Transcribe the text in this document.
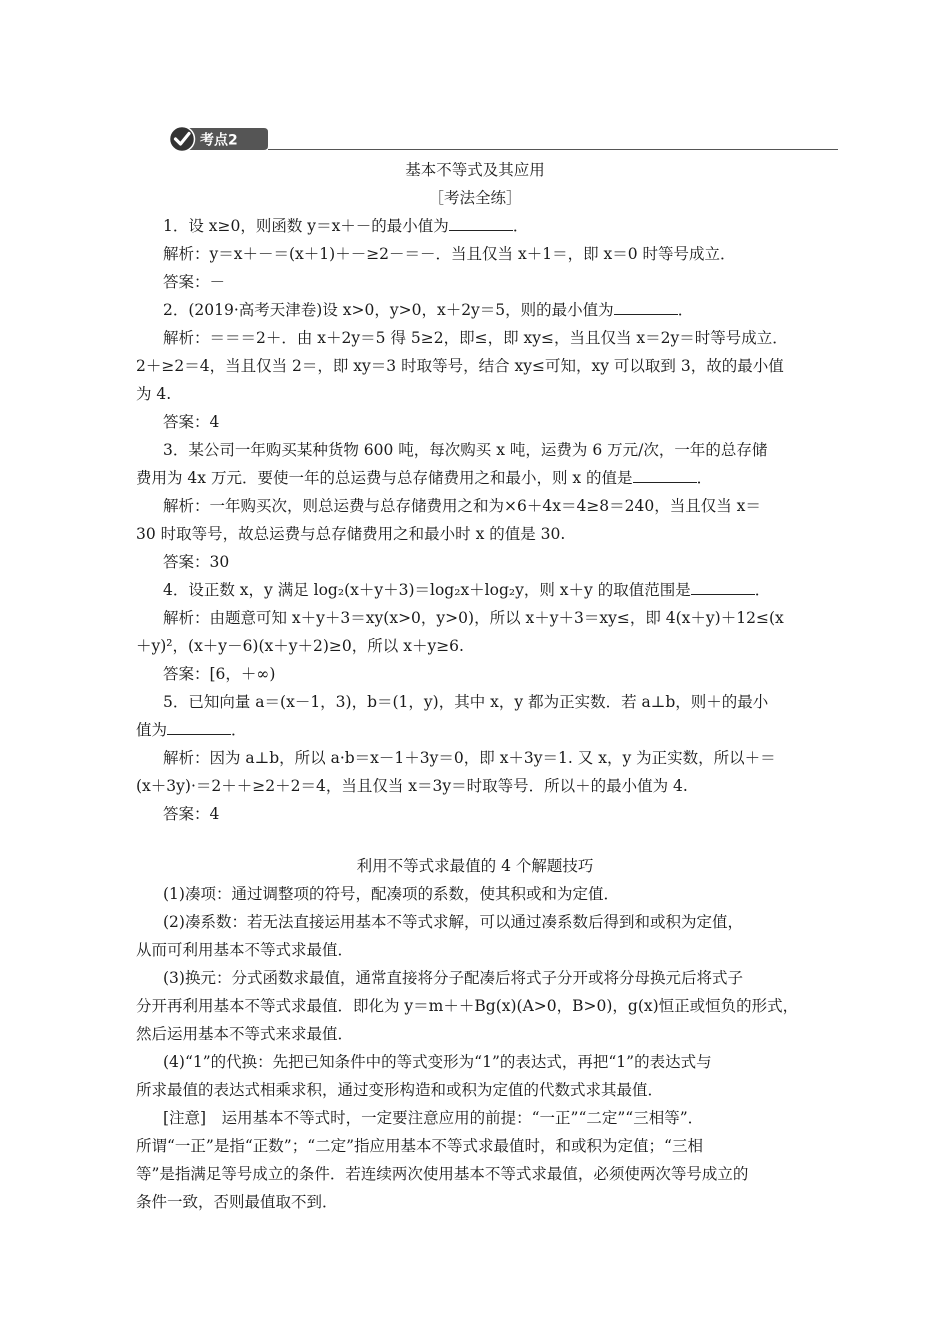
考点2
基本不等式及其应用
［考法全练］
1．设 x≥0，则函数 y＝x＋－的最小值为	．
解析：y＝x＋－＝(x＋1)＋－≥2－＝－．当且仅当 x＋1＝，即 x＝0 时等号成立．
答案：－
2．(2019·高考天津卷)设 x>0，y>0，x＋2y＝5，则的最小值为	．
解析：＝＝＝2＋．由 x＋2y＝5 得 5≥2，即≤，即 xy≤，当且仅当 x＝2y＝时等号成立．
2＋≥2＝4，当且仅当 2＝，即 xy＝3 时取等号，结合 xy≤可知，xy 可以取到 3，故的最小值
为 4.
答案：4
3．某公司一年购买某种货物 600 吨，每次购买 x 吨，运费为 6 万元/次，一年的总存储
费用为 4x 万元．要使一年的总运费与总存储费用之和最小，则 x 的值是	．
解析：一年购买次，则总运费与总存储费用之和为×6＋4x＝4≥8＝240，当且仅当 x＝
30 时取等号，故总运费与总存储费用之和最小时 x 的值是 30.
答案：30
4．设正数 x，y 满足 log₂(x＋y＋3)＝log₂x＋log₂y，则 x＋y 的取值范围是	．
解析：由题意可知 x＋y＋3＝xy(x>0，y>0)，所以 x＋y＋3＝xy≤，即 4(x＋y)＋12≤(x
＋y)²，(x＋y－6)(x＋y＋2)≥0，所以 x＋y≥6.
答案：[6，＋∞)
5．已知向量 a＝(x－1，3)，b＝(1，y)，其中 x，y 都为正实数．若 a⊥b，则＋的最小
值为	．
解析：因为 a⊥b，所以 a·b＝x－1＋3y＝0，即 x＋3y＝1. 又 x，y 为正实数，所以＋＝
(x＋3y)·＝2＋＋≥2＋2＝4，当且仅当 x＝3y＝时取等号．所以＋的最小值为 4.
答案：4
利用不等式求最值的 4 个解题技巧
(1)凑项：通过调整项的符号，配凑项的系数，使其积或和为定值．
(2)凑系数：若无法直接运用基本不等式求解，可以通过凑系数后得到和或积为定值，
从而可利用基本不等式求最值．
(3)换元：分式函数求最值，通常直接将分子配凑后将式子分开或将分母换元后将式子
分开再利用基本不等式求最值．即化为 y＝m＋＋Bg(x)(A>0，B>0)，g(x)恒正或恒负的形式，
然后运用基本不等式来求最值．
(4)“1”的代换：先把已知条件中的等式变形为“1”的表达式，再把“1”的表达式与
所求最值的表达式相乘求积，通过变形构造和或积为定值的代数式求其最值．
[注意]　运用基本不等式时，一定要注意应用的前提：“一正”“二定”“三相等”．
所谓“一正”是指“正数”；“二定”指应用基本不等式求最值时，和或积为定值；“三相
等”是指满足等号成立的条件．若连续两次使用基本不等式求最值，必须使两次等号成立的
条件一致，否则最值取不到．
